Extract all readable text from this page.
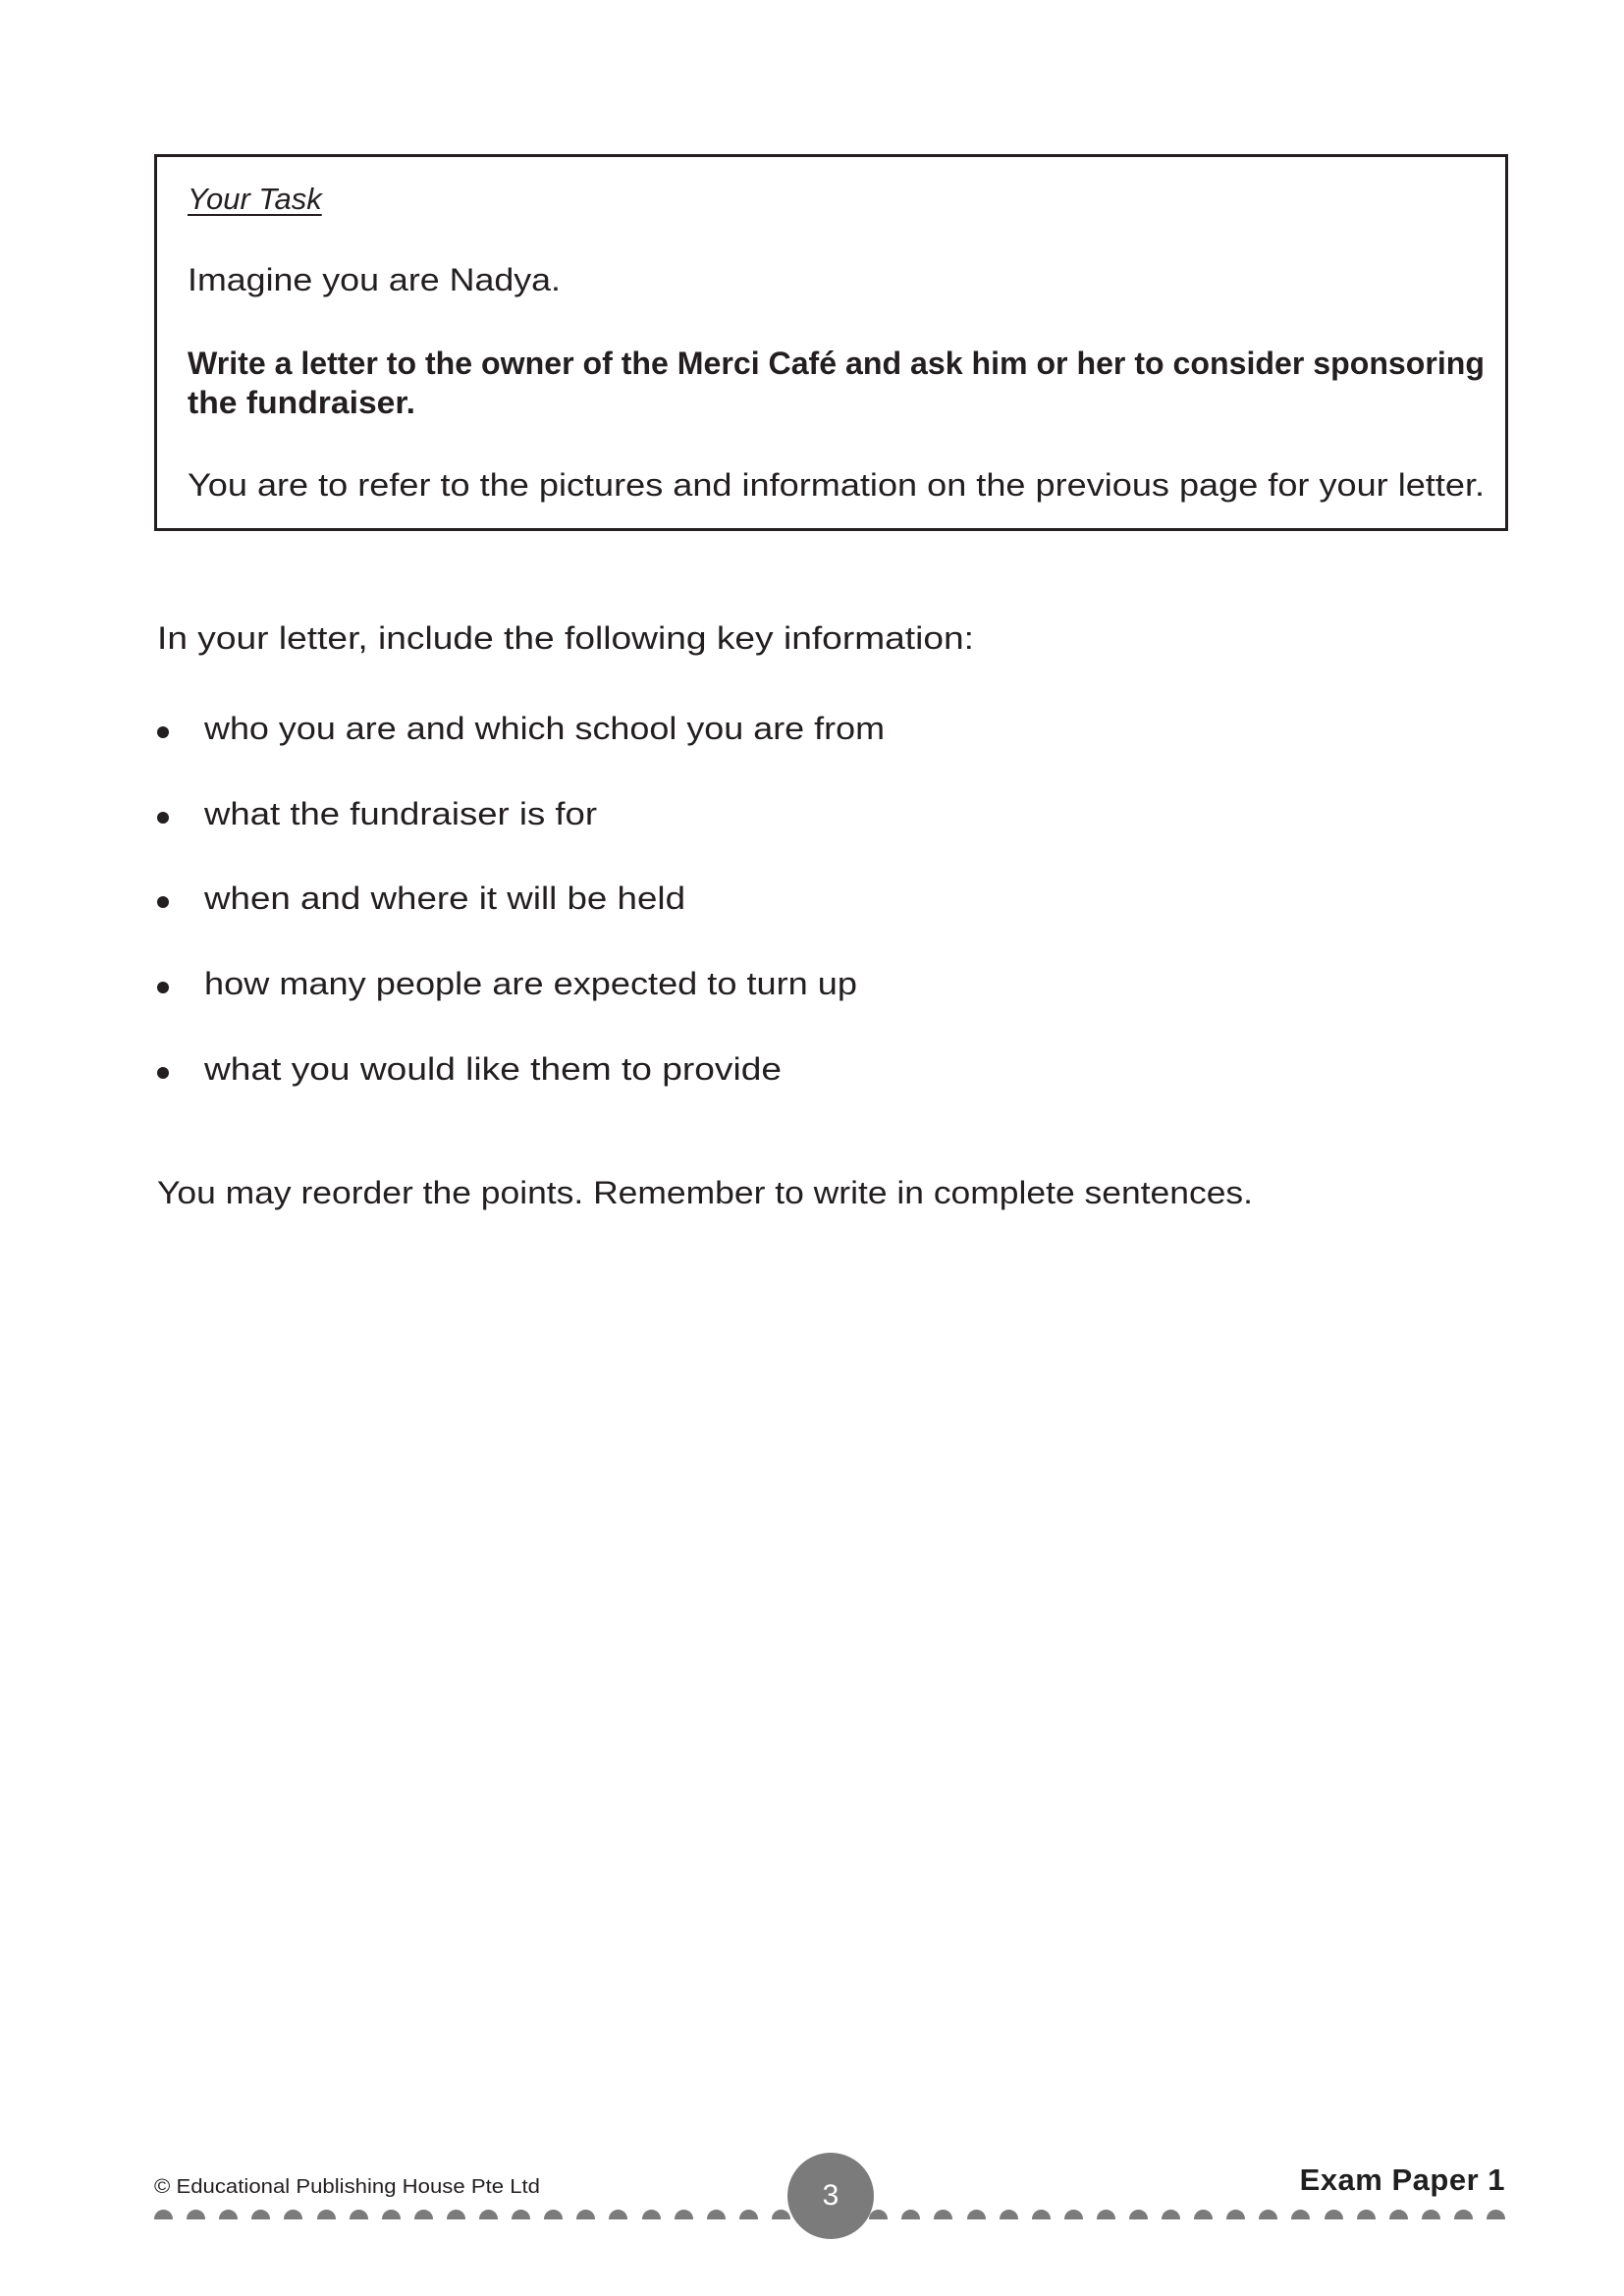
Your Task
Imagine you are Nadya.
Write a letter to the owner of the Merci Café and ask him or her to consider sponsoring
the fundraiser.
You are to refer to the pictures and information on the previous page for your letter.
In your letter, include the following key information:
who you are and which school you are from
what the fundraiser is for
when and where it will be held
how many people are expected to turn up
what you would like them to provide
You may reorder the points. Remember to write in complete sentences.
© Educational Publishing House Pte Ltd	3	Exam Paper 1
